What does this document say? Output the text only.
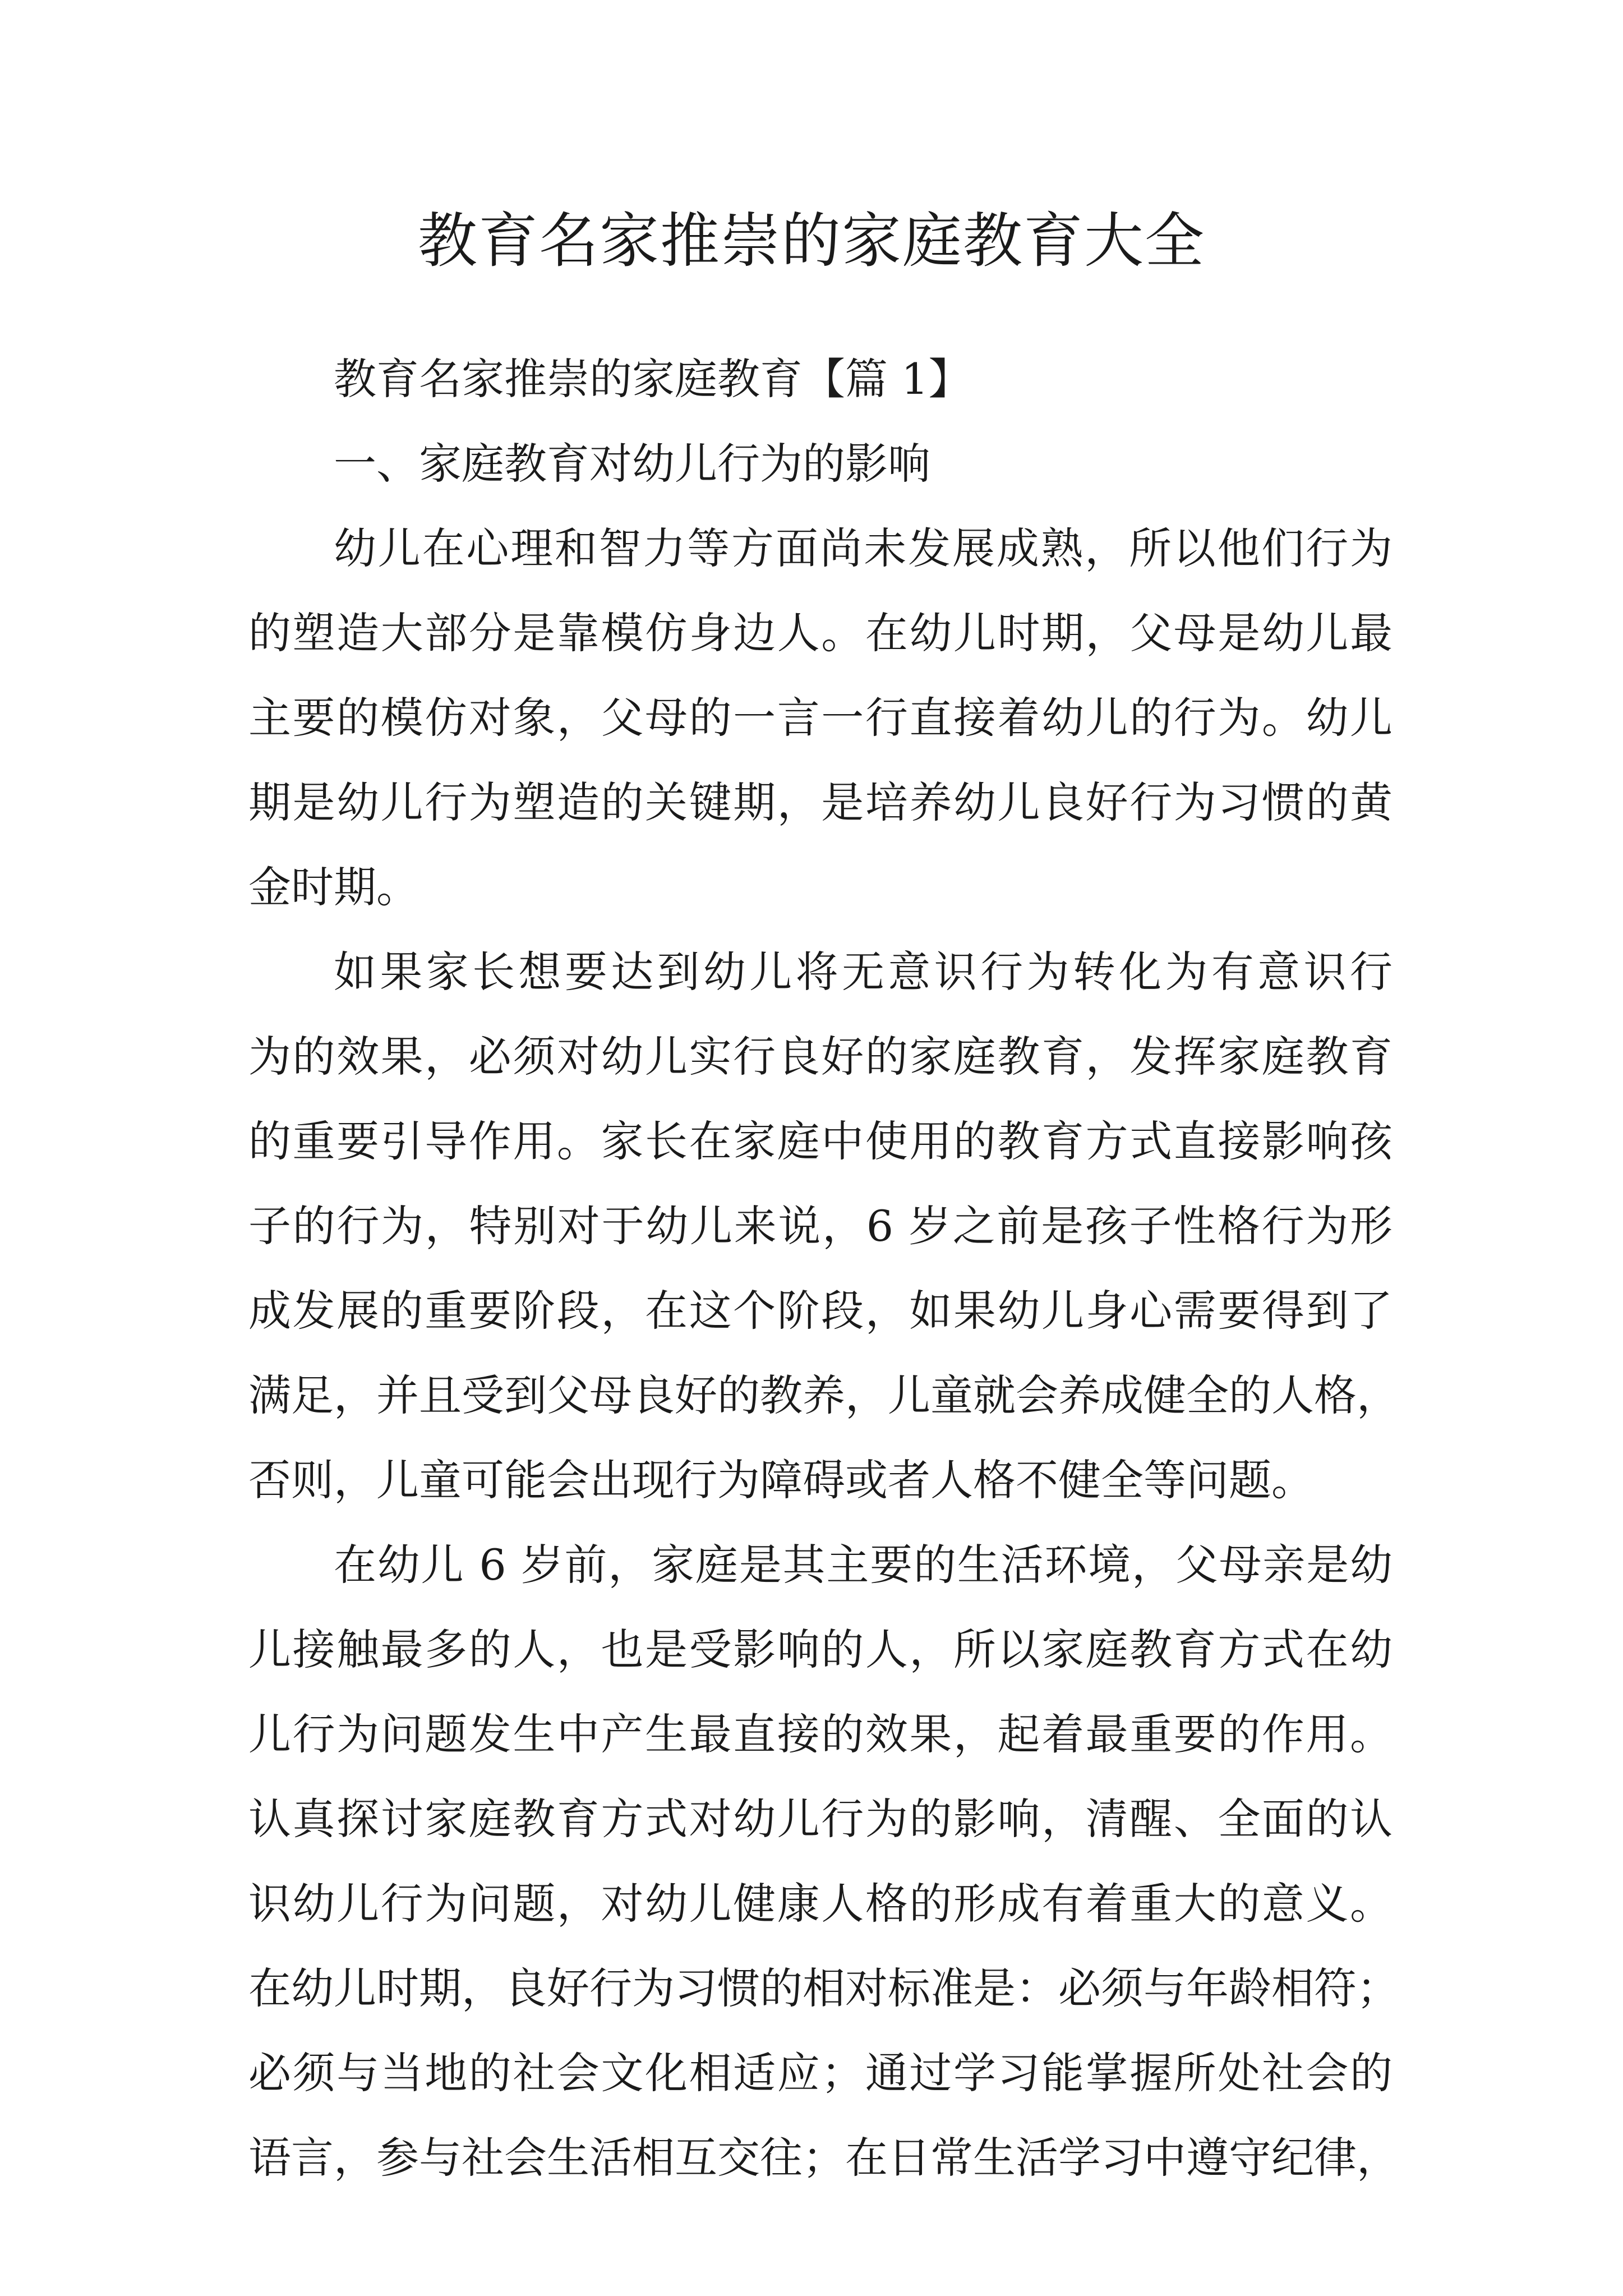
教育名家推崇的家庭教育大全
教育名家推崇的家庭教育【篇 1】
一、家庭教育对幼儿行为的影响
幼儿在心理和智力等方面尚未发展成熟，所以他们行为
的塑造大部分是靠模仿身边人。在幼儿时期，父母是幼儿最
主要的模仿对象，父母的一言一行直接着幼儿的行为。幼儿
期是幼儿行为塑造的关键期，是培养幼儿良好行为习惯的黄
金时期。
如果家长想要达到幼儿将无意识行为转化为有意识行
为的效果，必须对幼儿实行良好的家庭教育，发挥家庭教育
的重要引导作用。家长在家庭中使用的教育方式直接影响孩
子的行为，特别对于幼儿来说，6 岁之前是孩子性格行为形
成发展的重要阶段，在这个阶段，如果幼儿身心需要得到了
满足，并且受到父母良好的教养，儿童就会养成健全的人格，
否则，儿童可能会出现行为障碍或者人格不健全等问题。
在幼儿 6 岁前，家庭是其主要的生活环境，父母亲是幼
儿接触最多的人，也是受影响的人，所以家庭教育方式在幼
儿行为问题发生中产生最直接的效果，起着最重要的作用。
认真探讨家庭教育方式对幼儿行为的影响，清醒、全面的认
识幼儿行为问题，对幼儿健康人格的形成有着重大的意义。
在幼儿时期，良好行为习惯的相对标准是：必须与年龄相符；
必须与当地的社会文化相适应；通过学习能掌握所处社会的
语言，参与社会生活相互交往；在日常生活学习中遵守纪律，
